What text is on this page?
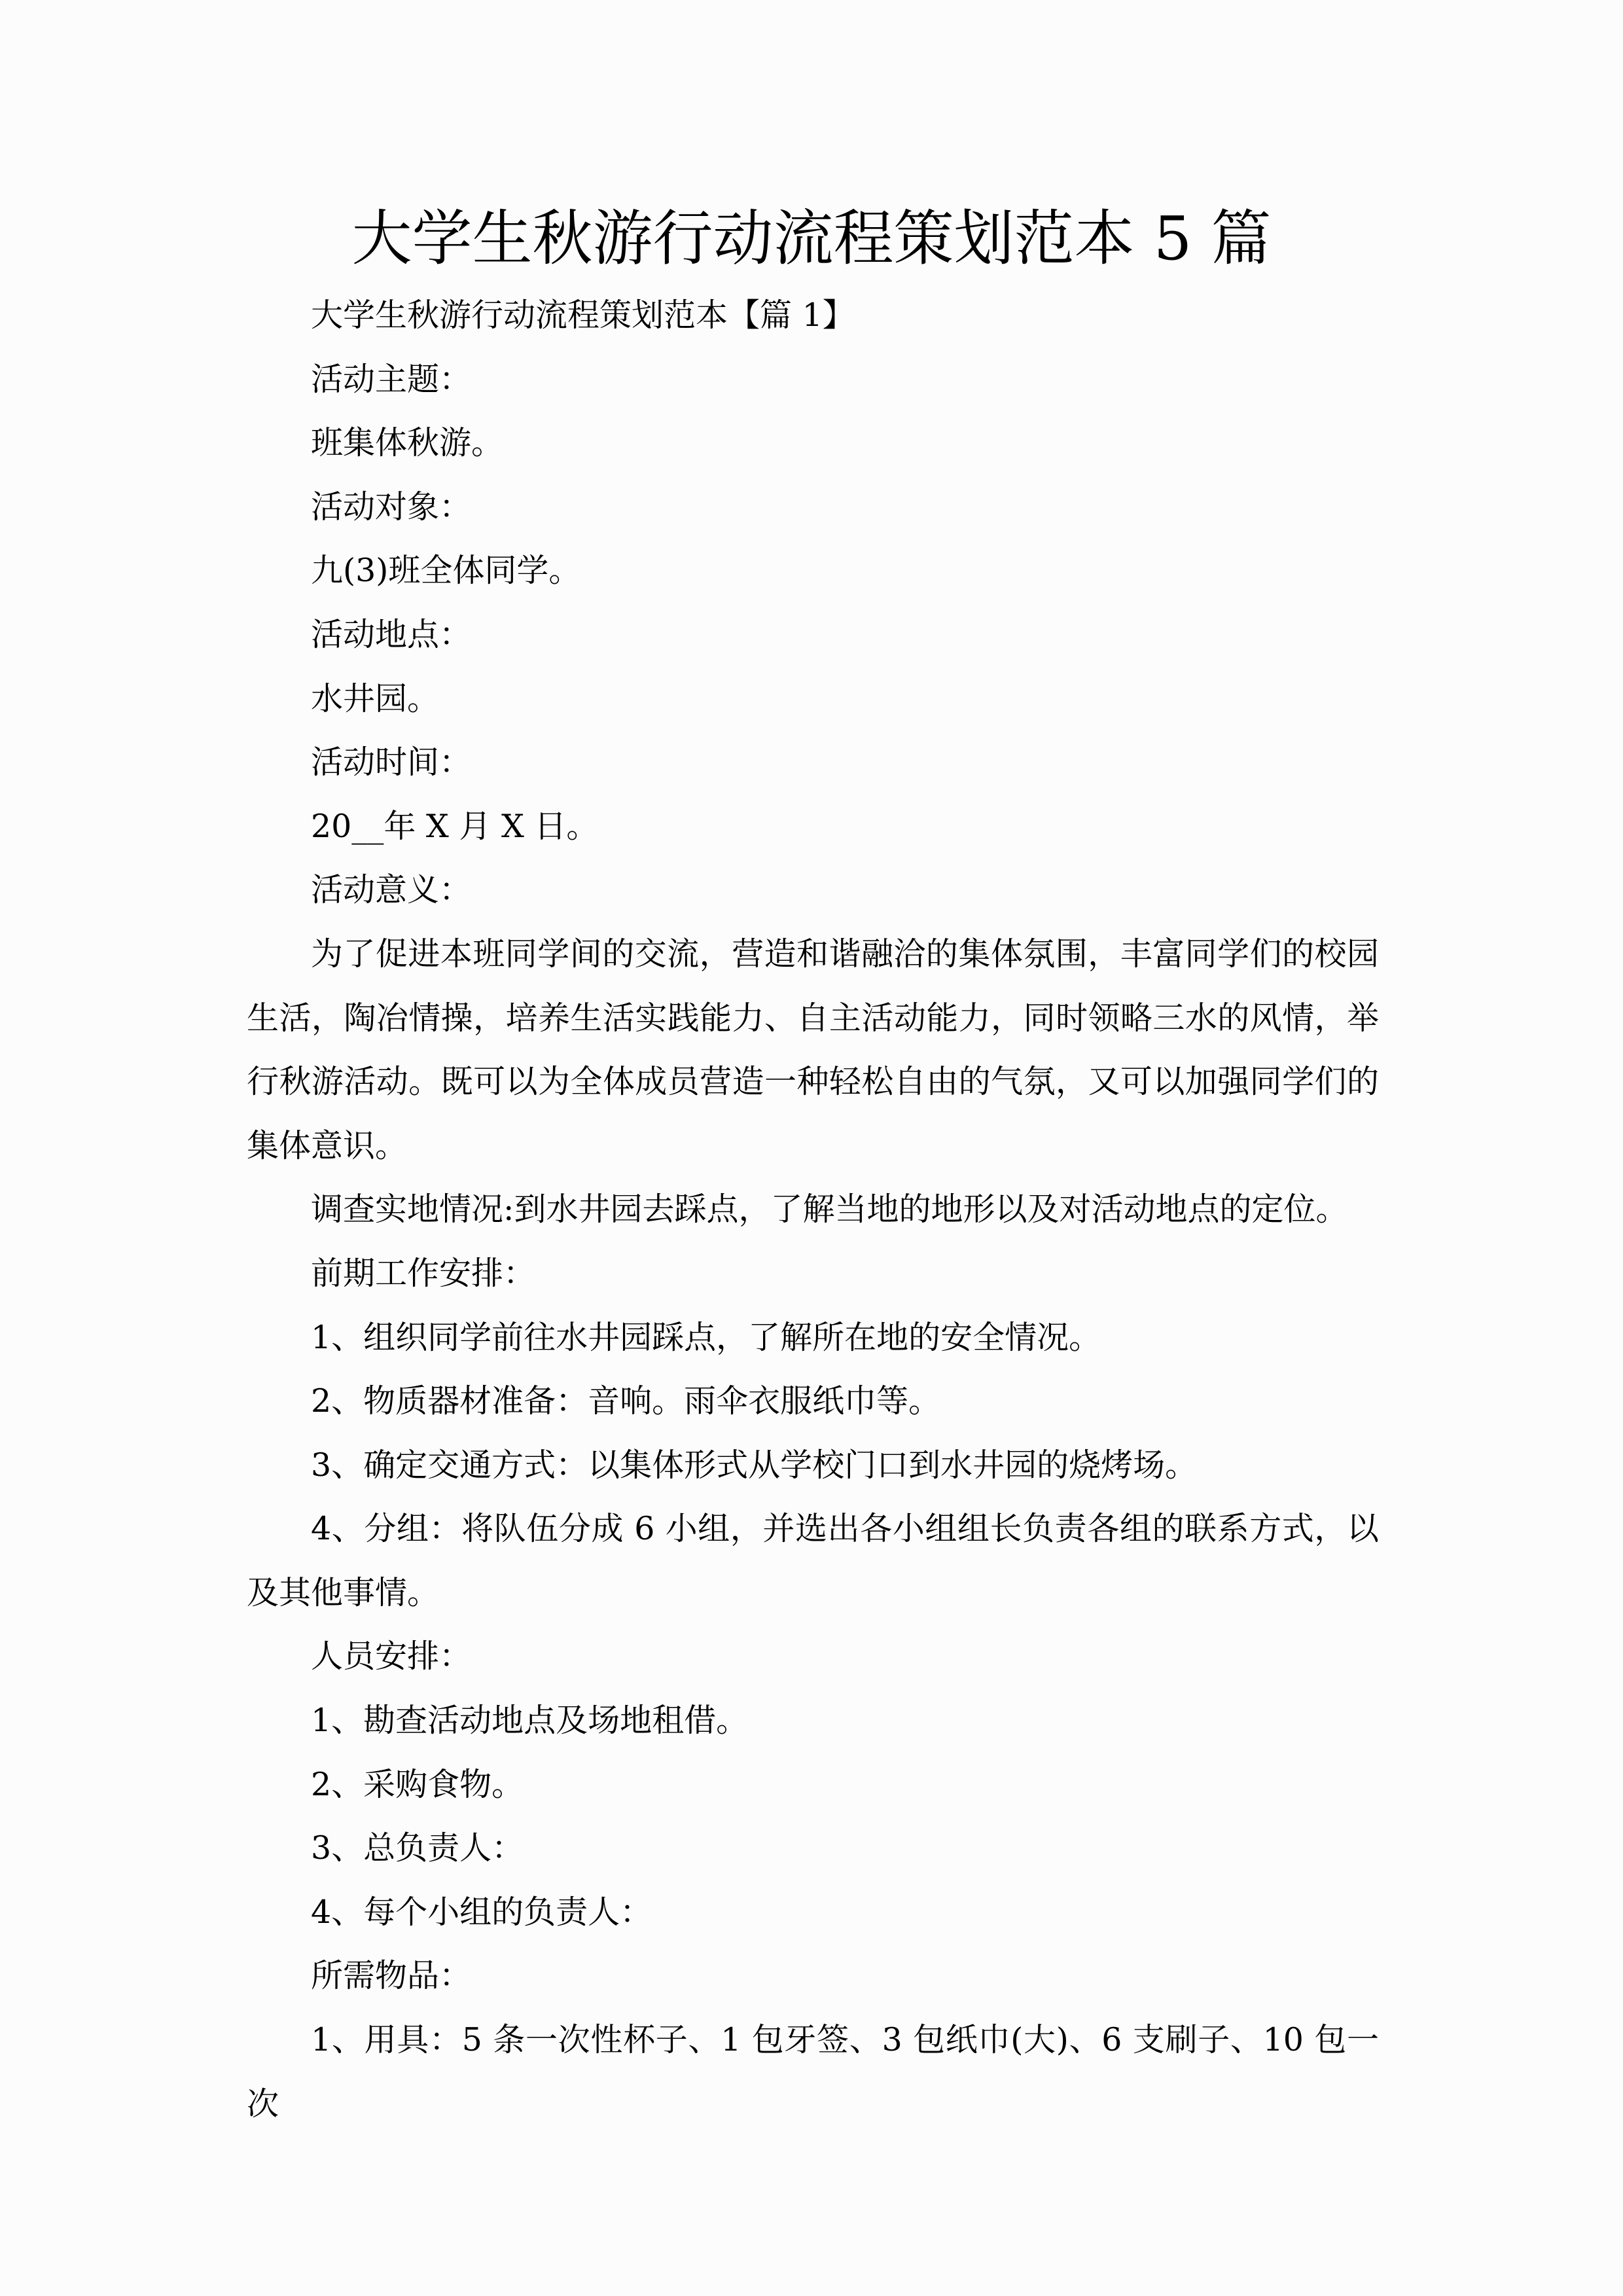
大学生秋游行动流程策划范本 5 篇

大学生秋游行动流程策划范本【篇 1】

活动主题：

班集体秋游。

活动对象：

九(3)班全体同学。

活动地点：

水井园。

活动时间：

20__年 X 月 X 日。

活动意义：

为了促进本班同学间的交流，营造和谐融洽的集体氛围，丰富同学们的校园生活，陶冶情操，培养生活实践能力、自主活动能力，同时领略三水的风情，举行秋游活动。既可以为全体成员营造一种轻松自由的气氛，又可以加强同学们的集体意识。

调查实地情况:到水井园去踩点，了解当地的地形以及对活动地点的定位。

前期工作安排：

1、组织同学前往水井园踩点，了解所在地的安全情况。

2、物质器材准备：音响。雨伞衣服纸巾等。

3、确定交通方式：以集体形式从学校门口到水井园的烧烤场。

4、分组：将队伍分成 6 小组，并选出各小组组长负责各组的联系方式，以及其他事情。

人员安排：

1、勘查活动地点及场地租借。

2、采购食物。

3、总负责人：

4、每个小组的负责人：

所需物品：

1、用具：5 条一次性杯子、1 包牙签、3 包纸巾(大)、6 支刷子、10 包一次
